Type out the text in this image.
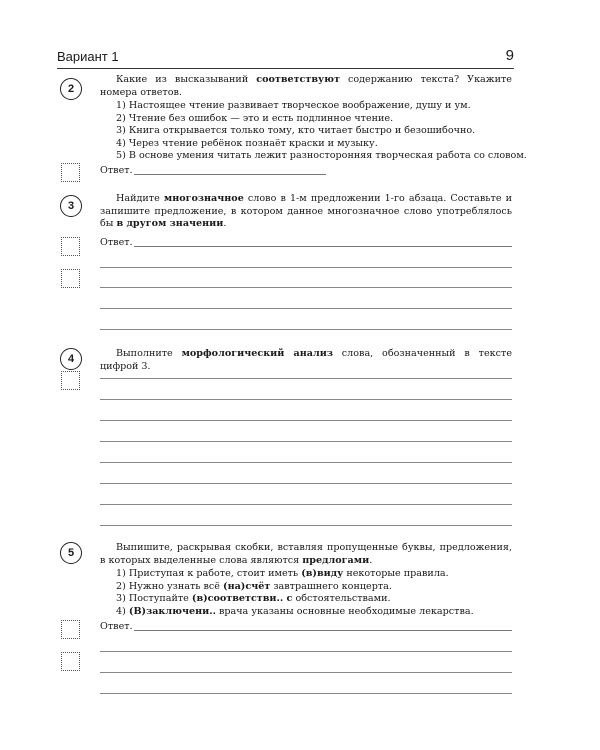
Вариант 1	9
2
Какие из высказываний соответствуют содержанию текста? Укажите номера ответов.
1) Настоящее чтение развивает творческое воображение, душу и ум.
2) Чтение без ошибок — это и есть подлинное чтение.
3) Книга открывается только тому, кто читает быстро и безошибочно.
4) Через чтение ребёнок познаёт краски и музыку.
5) В основе умения читать лежит разносторонняя творческая работа со словом.
Ответ.
3
Найдите многозначное слово в 1-м предложении 1-го абзаца. Составьте и запишите предложение, в котором данное многозначное слово употреблялось бы в другом значении.
Ответ.
4	Выполните морфологический анализ слова, обозначенный в тексте цифрой 3.
5	Выпишите, раскрывая скобки, вставляя пропущенные буквы, предложения, в которых выделенные слова являются предлогами.
1) Приступая к работе, стоит иметь (в)виду некоторые правила.
2) Нужно узнать всё (на)счёт завтрашнего концерта.
3) Поступайте (в)соответстви.. с обстоятельствами.
4) (В)заключени.. врача указаны основные необходимые лекарства.
Ответ.
